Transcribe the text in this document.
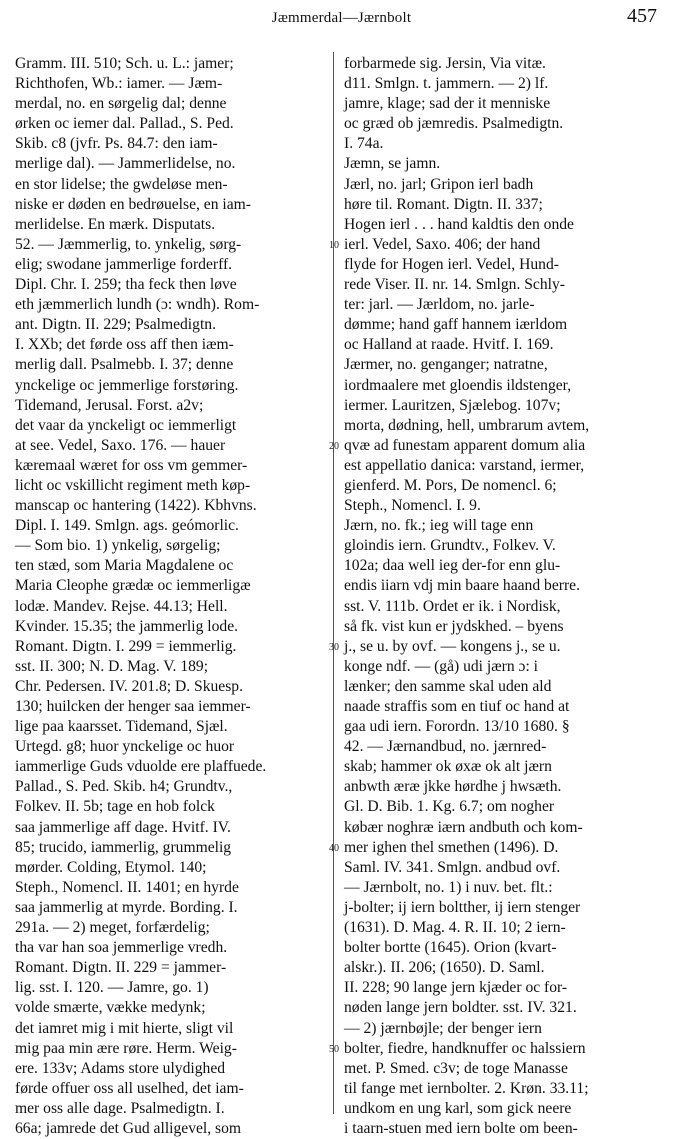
Jæmmerdal—Jærnbolt	457
Gramm. III. 510; Sch. u. L.: jamer;
Richthofen, Wb.: iamer. — Jæm-
merdal, no. en sørgelig dal; denne
ørken oc iemer dal. Pallad., S. Ped.
Skib. c8 (jvfr. Ps. 84.7: den iam-
merlige dal). — Jammerlidelse, no.
en stor lidelse; the gwdeløse men-
niske er døden en bedrøuelse, en iam-
merlidelse. En mærk. Disputats.
52. — Jæmmerlig, to. ynkelig, sørg-
elig; swodane jammerlige forderff.
Dipl. Chr. I. 259; tha feck then løve
eth jæmmerlich lundh (ɔ: wndh). Rom-
ant. Digtn. II. 229; Psalmedigtn.
I. XXb; det førde oss aff then iæm-
merlig dall. Psalmebb. I. 37; denne
ynckelige oc jemmerlige forstøring.
Tidemand, Jerusal. Forst. a2v;
det vaar da ynckeligt oc iemmerligt
at see. Vedel, Saxo. 176. — hauer
kæremaal wæret for oss vm gemmer-
licht oc vskillicht regiment meth køp-
manscap oc hantering (1422). Kbhvns.
Dipl. I. 149. Smlgn. ags. geómorlic.
— Som bio. 1) ynkelig, sørgelig;
ten stæd, som Maria Magdalene oc
Maria Cleophe grædæ oc iemmerligæ
lodæ. Mandev. Rejse. 44.13; Hell.
Kvinder. 15.35; the jammerlig lode.
Romant. Digtn. I. 299 = iemmerlig.
sst. II. 300; N. D. Mag. V. 189;
Chr. Pedersen. IV. 201.8; D. Skuesp.
130; huilcken der henger saa iemmer-
lige paa kaarsset. Tidemand, Sjæl.
Urtegd. g8; huor ynckelige oc huor
iammerlige Guds vduolde ere plaffuede.
Pallad., S. Ped. Skib. h4; Grundtv.,
Folkev. II. 5b; tage en hob folck
saa jammerlige aff dage. Hvitf. IV.
85; trucido, iammerlig, grummelig
mørder. Colding, Etymol. 140;
Steph., Nomencl. II. 1401; en hyrde
saa jammerlig at myrde. Bording. I.
291a. — 2) meget, forfærdelig;
tha var han soa jemmerlige vredh.
Romant. Digtn. II. 229 = jammer-
lig. sst. I. 120. — Jamre, go. 1)
volde smærte, vække medynk;
det iamret mig i mit hierte, sligt vil
mig paa min ære røre. Herm. Weig-
ere. 133v; Adams store ulydighed
førde offuer oss all uselhed, det iam-
mer oss alle dage. Psalmedigtn. I.
66a; jamrede det Gud alligevel, som
forbarmede sig. Jersin, Via vitæ.
d11. Smlgn. t. jammern. — 2) lf.
jamre, klage; sad der it menniske
oc græd ob jæmredis. Psalmedigtn.
I. 74a.
Jæmn, se jamn.
Jærl, no. jarl; Gripon ierl badh
høre til. Romant. Digtn. II. 337;
Hogen ierl . . . hand kaldtis den onde
ierl. Vedel, Saxo. 406; der hand
flyde for Hogen ierl. Vedel, Hund-
rede Viser. II. nr. 14. Smlgn. Schly-
ter: jarl. — Jærldom, no. jarle-
dømme; hand gaff hannem iærldom
oc Halland at raade. Hvitf. I. 169.
Jærmer, no. genganger; natratne,
iordmaalere met gloendis ildstenger,
iermer. Lauritzen, Sjælebog. 107v;
morta, dødning, hell, umbrarum avtem,
qvæ ad funestam apparent domum alia
est appellatio danica: varstand, iermer,
gienferd. M. Pors, De nomencl. 6;
Steph., Nomencl. I. 9.
Jærn, no. fk.; ieg will tage enn
gloindis iern. Grundtv., Folkev. V.
102a; daa well ieg der-for enn glu-
endis iiarn vdj min baare haand berre.
sst. V. 111b. Ordet er ik. i Nordisk,
så fk. vist kun er jydskhed. – byens
j., se u. by ovf. — kongens j., se u.
konge ndf. — (gå) udi jærn ɔ: i
lænker; den samme skal uden ald
naade straffis som en tiuf oc hand at
gaa udi iern. Forordn. 13/10 1680. §
42. — Jærnandbud, no. jærnred-
skab; hammer ok øxæ ok alt jærn
anbwth æræ jkke hørdhe j hwsæth.
Gl. D. Bib. 1. Kg. 6.7; om nogher
købær noghræ iærn andbuth och kom-
mer ighen thel smethen (1496). D.
Saml. IV. 341. Smlgn. andbud ovf.
— Jærnbolt, no. 1) i nuv. bet. flt.:
j-bolter; ij iern boltther, ij iern stenger
(1631). D. Mag. 4. R. II. 10; 2 iern-
bolter bortte (1645). Orion (kvart-
alskr.). II. 206; (1650). D. Saml.
II. 228; 90 lange jern kjæder oc for-
nøden lange jern boldter. sst. IV. 321.
— 2) jærnbøjle; der benger iern
bolter, fiedre, handknuffer oc halssiern
met. P. Smed. c3v; de toge Manasse
til fange met iernbolter. 2. Krøn. 33.11;
undkom en ung karl, som gick neere
i taarn-stuen med iern bolte om been-
10
20
30
40
50
